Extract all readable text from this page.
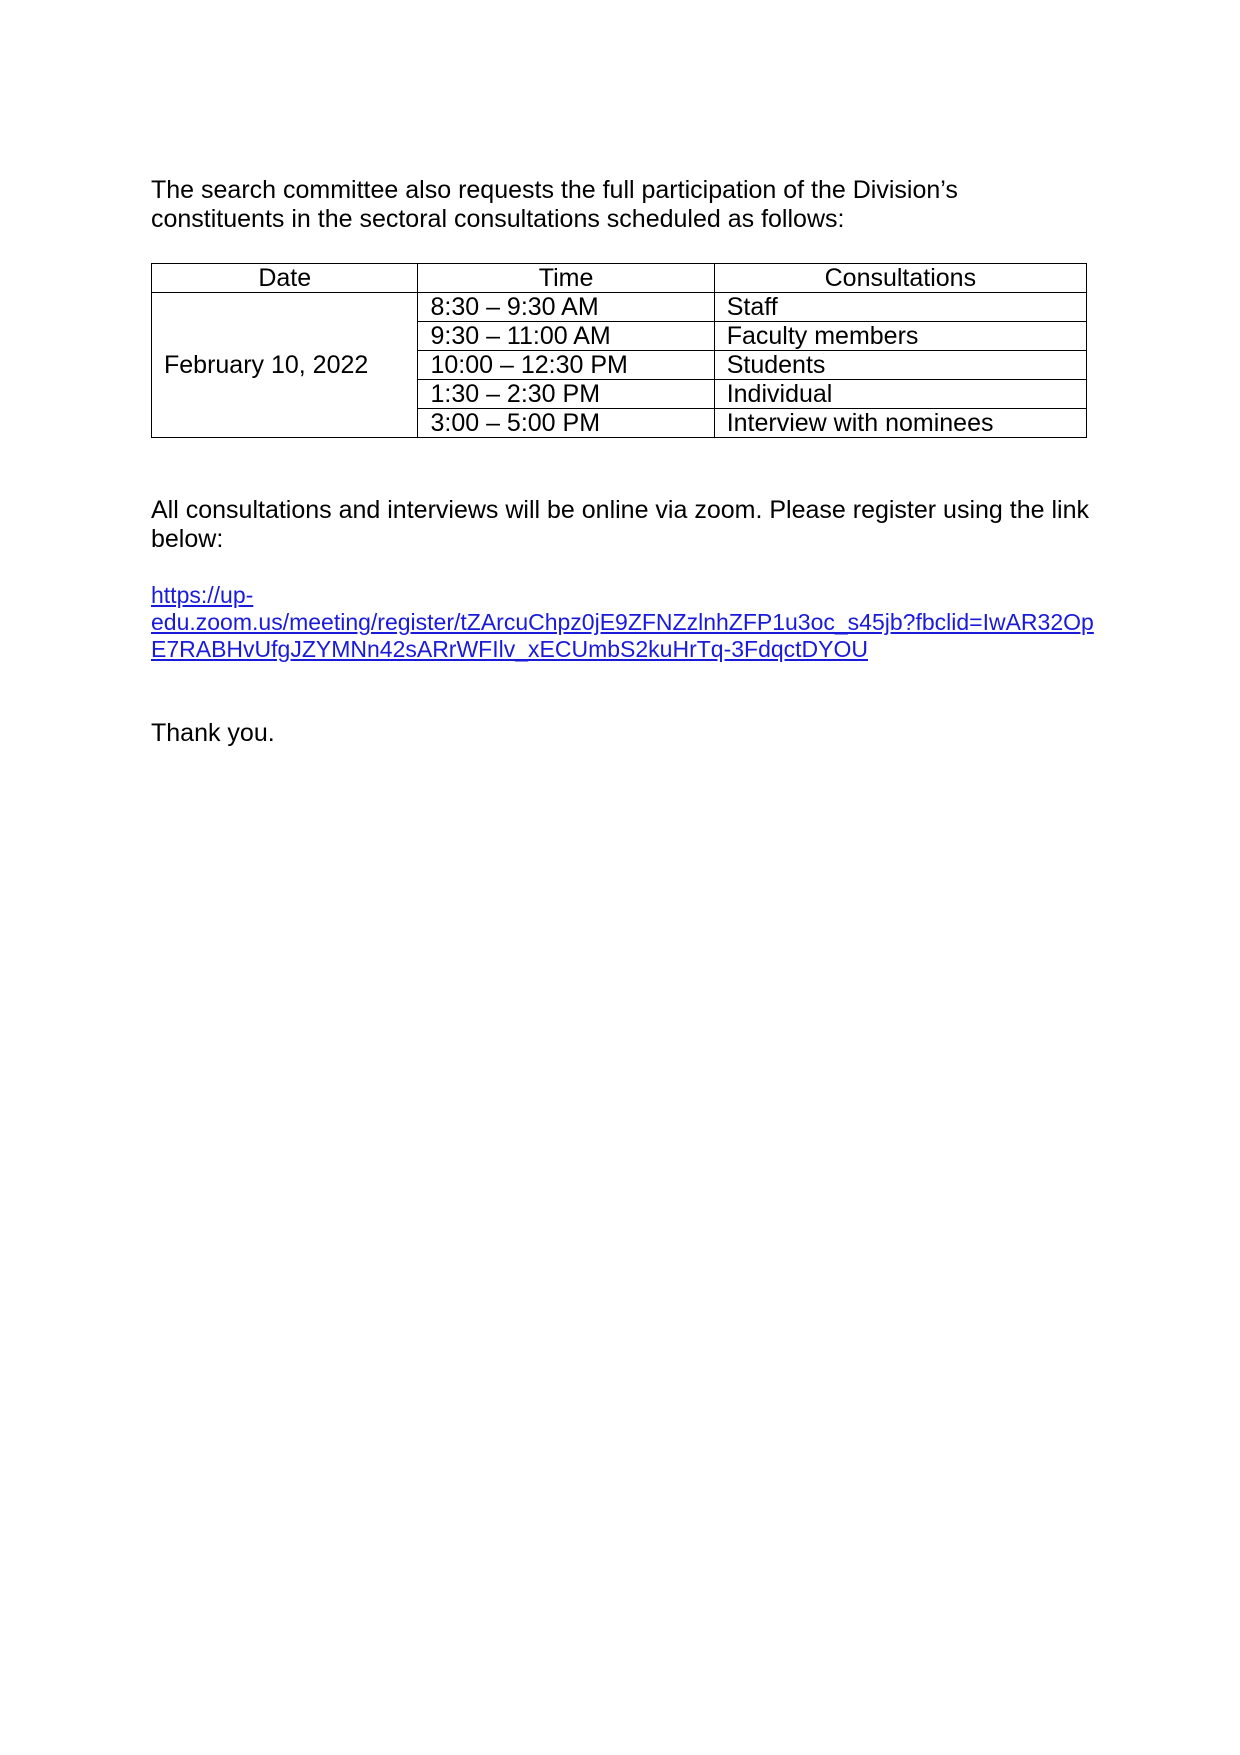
The search committee also requests the full participation of the Division’s constituents in the sectoral consultations scheduled as follows:

Date	Time	Consultations
February 10, 2022	8:30 – 9:30 AM	Staff
	9:30 – 11:00 AM	Faculty members
	10:00 – 12:30 PM	Students
	1:30 – 2:30 PM	Individual
	3:00 – 5:00 PM	Interview with nominees

All consultations and interviews will be online via zoom. Please register using the link below:

https://up-
edu.zoom.us/meeting/register/tZArcuChpz0jE9ZFNZzlnhZFP1u3oc_s45jb?fbclid=IwAR32Op
E7RABHvUfgJZYMNn42sARrWFIlv_xECUmbS2kuHrTq-3FdqctDYOU

Thank you.
